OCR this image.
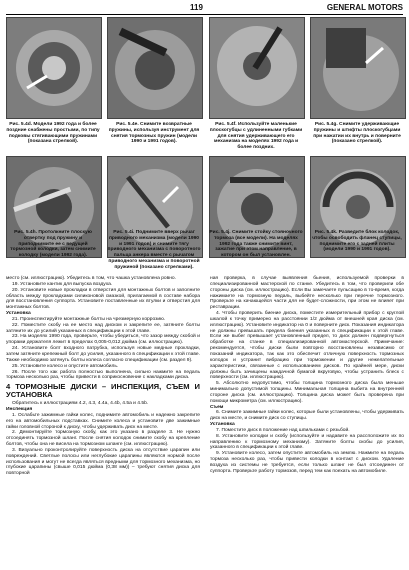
119	GENERAL MOTORS
Рис. 5.4d. Модели 1992 года и более поздние снабжены простыми, по типу подковы стягивающими пружинами (показана стрелкой).
Рис. 5.4e. Снимите возвратные пружины, используя инструмент для снятия тормозных пружин (модели 1990 и 1991 годов).
Рис. 5.4f. Используйте маленькие плоскогубцы с удлиненными губками для снятия удерживающего его механизма на моделях 1992 года и более поздних.
Рис. 5.4g. Снимите удерживающие пружины и штифты плоскогубцами при нажатии их внутрь и поверните (показано стрелкой).
Рис. 5.4h. Протолкните плоскую отвертку под пружину и приподнимите ее с ведущей тормозной колодки, затем снимите колодку (модели 1992 года).
Рис. 5.4i. Поднимите вверх рычаг приводного механизма (модели 1990 и 1991 годов) и снимите тягу приводного механизма с поворотного пальца анкера вместе с рычагом приводного механизма и поворотной пружиной (показано стрелками).
Рис. 5.4j. Снимите стойку стояночного тормоза (все модели). На моделях 1992 года также снимите винт, зажатие при этом направление, в котором он был установлен.
Рис. 5.4k. Разведите блок колодок, чтобы освободить фланец ступицы, поднимите его с задней плиты (модели 1990 и 1991 годов).

место (см. иллюстрацию). Убедитесь в том, что чашка установлена ровно.

19. Установите кантик для выпуска воздуха.

20. Установите новые прокладки в отверстия для монтажных болтов и заполните область между прокладками силиконовой смазкой, прилагаемой в составе набора для восстановления суппорта. Установите поставленные их втулки и отверстия для монтажных болтов.

Установка

21. Проинспектируйте монтажные болты на чрезмерную коррозию.

22. Поместите скобу на ее место над диском и закрепите ее, затяните болты затяните их до усилий указанных в спецификации к этой главе.

23. На моделях 1990 года, проверьте, чтобы убедиться, что зазор между скобой и упорами держателя лежит в пределах 0,005-0,012 дюйма (см. иллюстрацию).

24. Установите болт входного патрубка, используя новые медные прокладки, затем затяните крепежный болт до усилия, указанного в спецификации к этой главе. Также необходимо затянуть болты колеса согласно спецификации (см. раздел 9).

25. Установите колесо и опустите автомобиль.

26. После того как работа полностью выполнена, сильно нажмите на педаль тормоза несколько раз, чтобы привести в соприкосновение с накладками диска.

4 ТОРМОЗНЫЕ ДИСКИ – ИНСПЕКЦИЯ, СЪЕМ И УСТАНОВКА

Обратитесь к иллюстрациям 4.2, 4.3, 4.4а, 4.4b, 4.5а и 4.5b.

Инспекция

1. Ослабьте зажимные гайки колес, поднимите автомобиль и надежно закрепите его на автомобильных подставках. Снимите колеса и установите две зажимные гайки головной стороной к диску, чтобы удерживать диск на месте.

2. Демонтируйте тормозную скобу, как это указано в разделе 3. Не нужно отсоединять тормозной шланг. После снятия колодок снимите скобу на крепление болтов, чтобы она не висела на тормозном шланге (см. иллюстрацию).

3. Визуально проконтролируйте поверхность диска на отсутствие царапин или повреждений. Светлые полосы или неглубокие царапины являются нормой после использования и могут не всегда являться вредными для тормозного механизма, но глубокие царапины (свыше 0,015 дюйма (0,38 мм)) – требуют снятия диска для повторной

ная проверка, в случае выявления бьения, используемой проверки в специализированной мастерской по станке. Убедитесь в том, что проверили обе стороны диска (см. иллюстрацию). Если Вы замечаете пульсацию в то-время, когда нажимаете на тормозную педаль, выбейте несколько при перечне тормозного. Проверьте на качающейся части для не будет-сложности, при этом не влияет при реставрации.

4. Чтобы проверить биение диска, поместите измерительный прибор с круглой шкалой к точку примерно на расстоянии 1/2 дюйма от внешней края диска (см. иллюстрацию). Установите индикатор на 0 и поверните диск. Показания индикатора не должны превышать предела биения указанных в спецификации к этой главе. Если же выбег превышает установленный предел, то диск должен подвергнуться обработке на станке в специализированной автомастерской. Примечание: рекомендуется, чтобы диски были повторно восстановлены независимо от показаний индикатора, так как это обеспечит отличную поверхность тормозных колодок и устранит вибрацию при торможении и другие нежелательные характеристики, связанные с использованием дисков. По крайней мере, диски должны быть зачищены наждачной бумагой вкруговую, чтобы устранить блеск с поверхности (см. иллюстрацию).

5. Абсолютно недопустимо, чтобы толщина тормозного диска была меньше минимально допустимой толщины. Минимальная толщина выбита на внутренней стороне диска (см. иллюстрацию). Толщина диска может быть проверена при помощи микрометра (см. иллюстрацию).

Съем

6. Снимите зажимные гайки колес, которые были установлены, чтобы удерживать диск на месте, и снимите диск со ступицы.

Установка

7. Поместите диск в положение над шпильками с резьбой.

8. Установите колодки и скобу (используйте и надавите на рассположите их по направлению к тормозному механизму). Затяните болты скобы до усилия, указанного в спецификации к этой главе.

9. Установите колесо, затем опустите автомобиль на землю. Нажмите на педаль тормоза несколько раз, чтобы привести колодки в контакт с диском. Удаление воздуха из системы не требуется, если только шланг не был отсоединен от суппорта. Проверьте работу тормозов, перед тем как поехать на автомобиле.
